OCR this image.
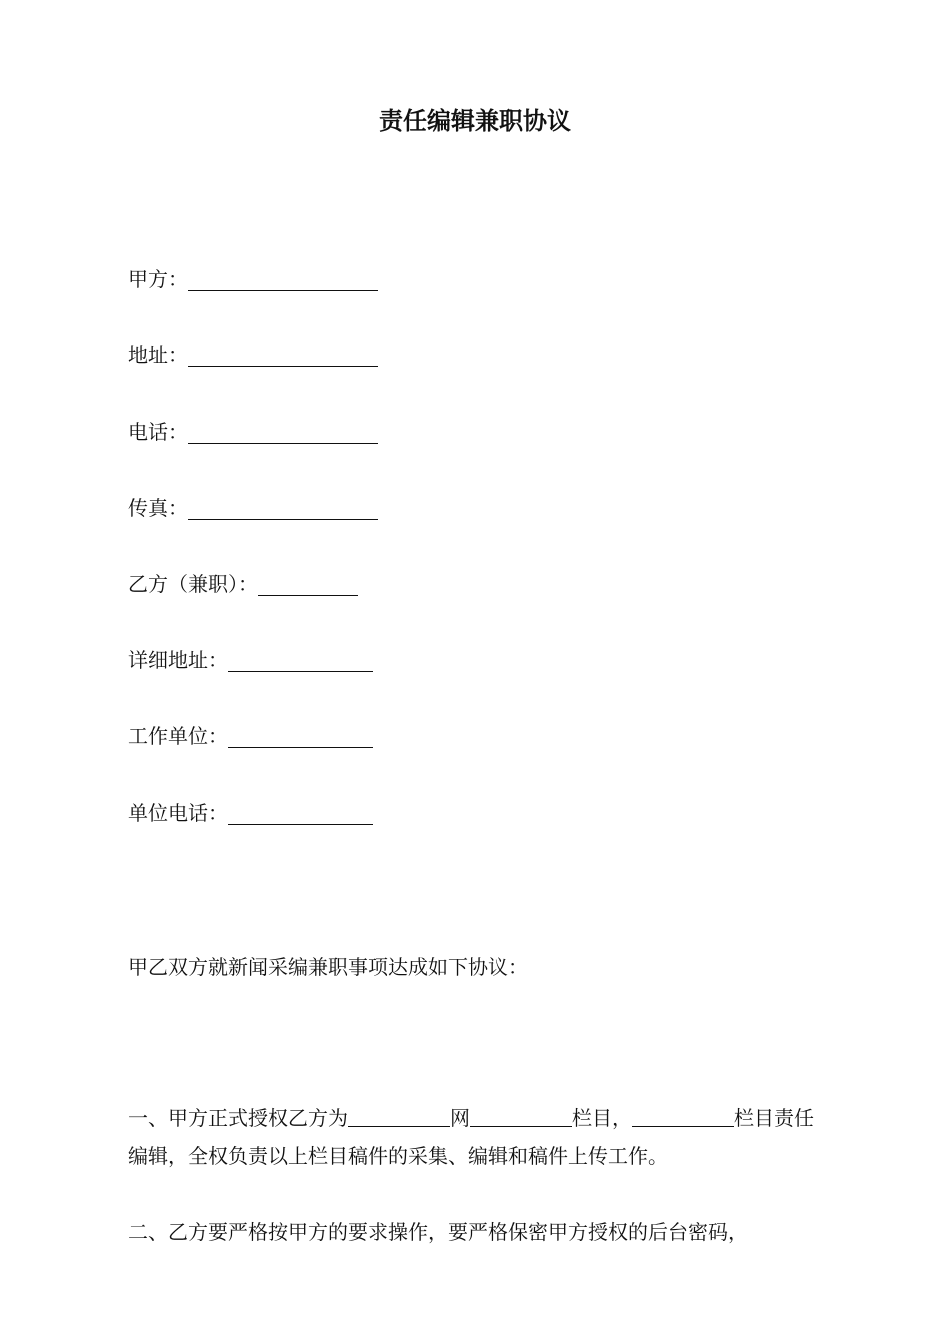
责任编辑兼职协议
甲方：
地址：
电话：
传真：
乙方（兼职）：
详细地址：
工作单位：
单位电话：
甲乙双方就新闻采编兼职事项达成如下协议：
一、甲方正式授权乙方为	网	栏目，	栏目责任编辑，全权负责以上栏目稿件的采集、编辑和稿件上传工作。
二、乙方要严格按甲方的要求操作，要严格保密甲方授权的后台密码，
